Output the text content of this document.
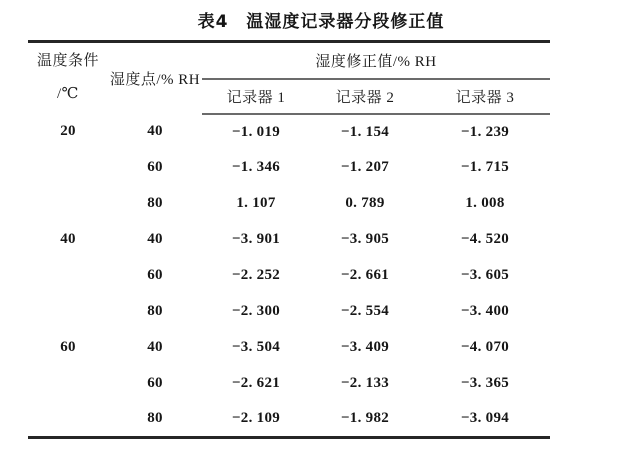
表4 温湿度记录器分段修正值
温度条件
/℃	湿度点/% RH	湿度修正值/% RH		
		记录器 1	记录器 2	记录器 3
20	40	−1. 019	−1. 154	−1. 239
	60	−1. 346	−1. 207	−1. 715
	80	1. 107	0. 789	1. 008
40	40	−3. 901	−3. 905	−4. 520
	60	−2. 252	−2. 661	−3. 605
	80	−2. 300	−2. 554	−3. 400
60	40	−3. 504	−3. 409	−4. 070
	60	−2. 621	−2. 133	−3. 365
	80	−2. 109	−1. 982	−3. 094
